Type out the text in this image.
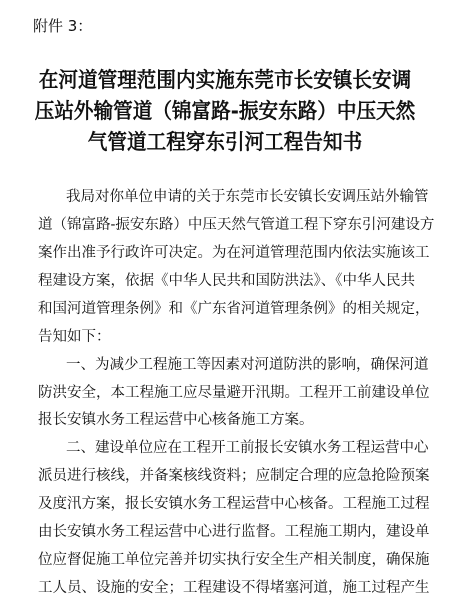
附件 3：
在河道管理范围内实施东莞市长安镇长安调
压站外输管道（锦富路-振安东路）中压天然
气管道工程穿东引河工程告知书
我局对你单位申请的关于东莞市长安镇长安调压站外输管
道（锦富路-振安东路）中压天然气管道工程下穿东引河建设方
案作出准予行政许可决定。为在河道管理范围内依法实施该工
程建设方案，依据《中华人民共和国防洪法》、《中华人民共
和国河道管理条例》和《广东省河道管理条例》的相关规定，
告知如下：
一、为减少工程施工等因素对河道防洪的影响，确保河道
防洪安全，本工程施工应尽量避开汛期。工程开工前建设单位
报长安镇水务工程运营中心核备施工方案。
二、建设单位应在工程开工前报长安镇水务工程运营中心
派员进行核线，并备案核线资料；应制定合理的应急抢险预案
及度汛方案，报长安镇水务工程运营中心核备。工程施工过程
由长安镇水务工程运营中心进行监督。工程施工期内，建设单
位应督促施工单位完善并切实执行安全生产相关制度，确保施
工人员、设施的安全；工程建设不得堵塞河道，施工过程产生
